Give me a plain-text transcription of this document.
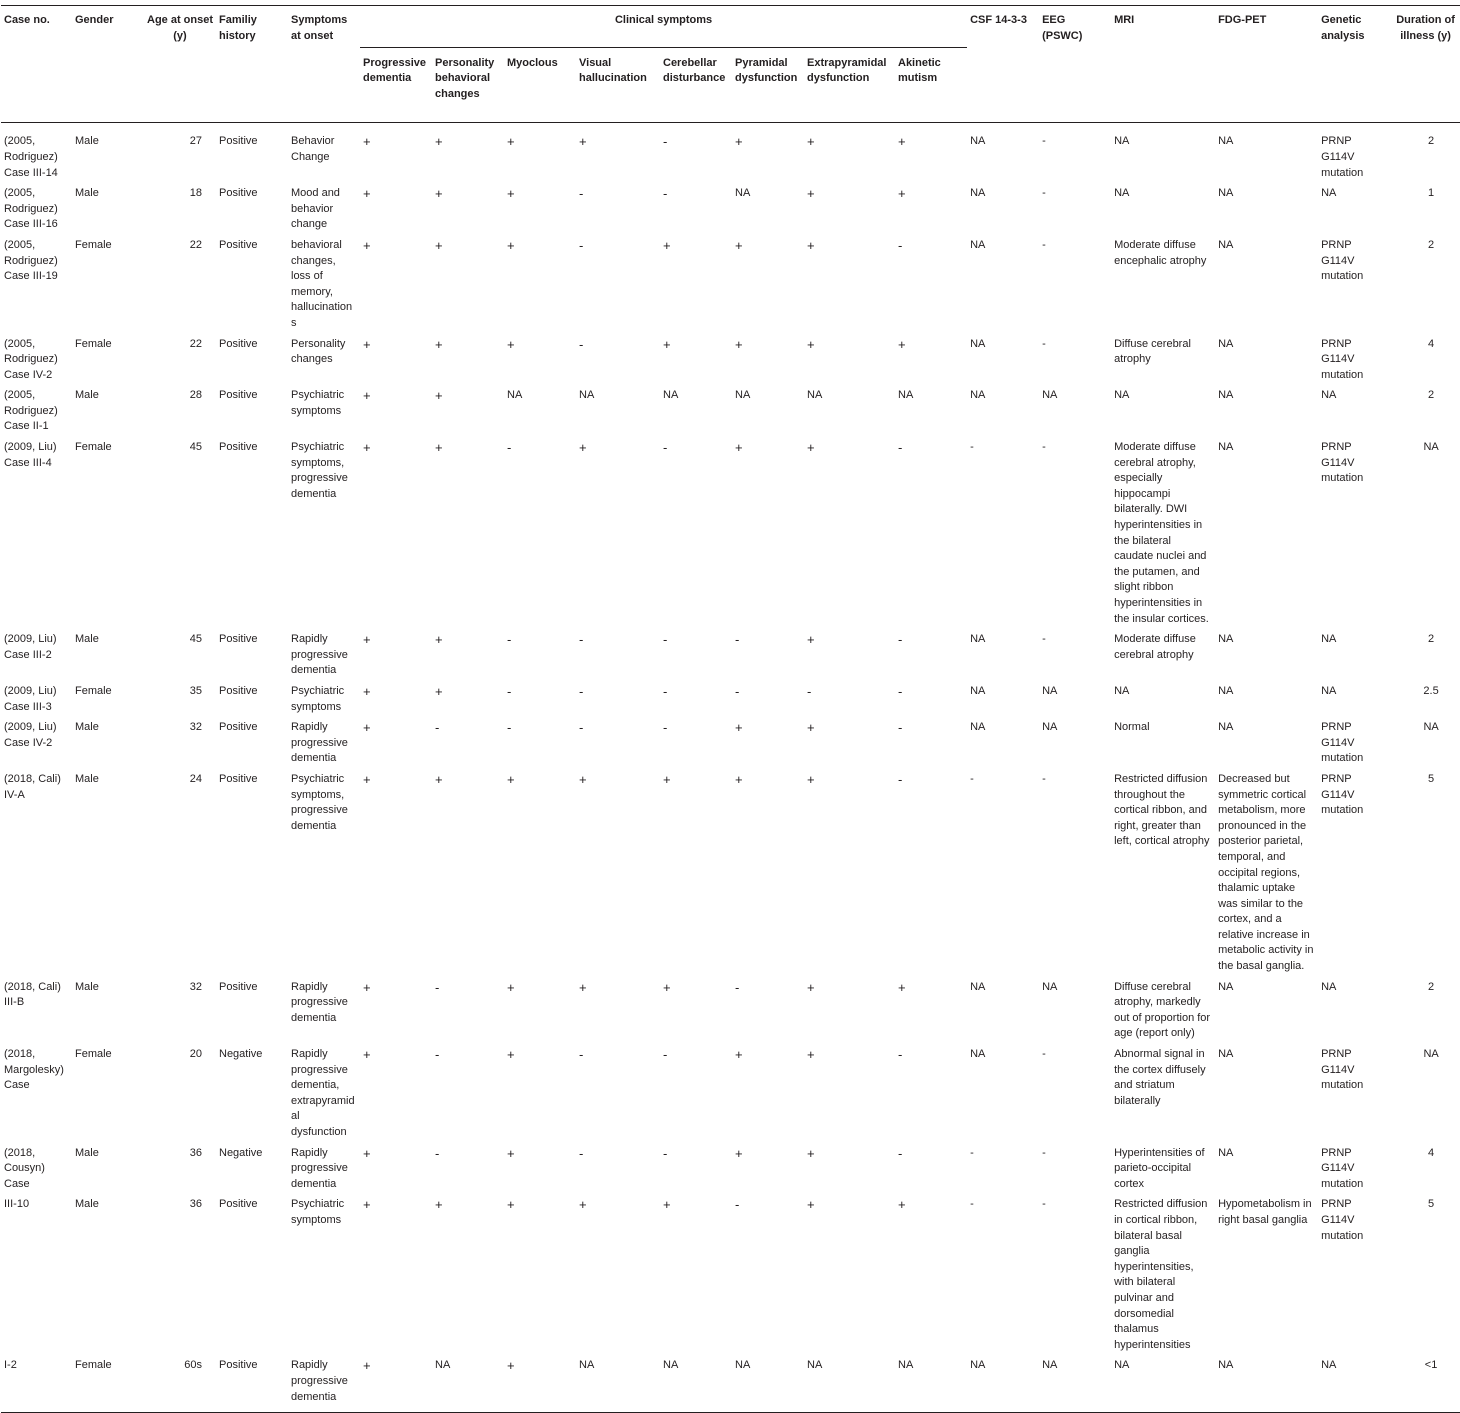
Case no.	Gender	Age at onset (y)	Familiy history	Symptoms at onset	Clinical symptoms								CSF 14-3-3	EEG (PSWC)	MRI	FDG-PET	Genetic analysis	Duration of illness (y)
					Progressive dementia	Personality behavioral changes	Myoclous	Visual hallucination	Cerebellar disturbance	Pyramidal dysfunction	Extrapyramidal dysfunction	Akinetic mutism						
(2005, Rodriguez) Case III-14	Male	27	Positive	Behavior Change	+	+	+	+	-	+	+	+	NA	-	NA	NA	PRNP G114V mutation	2
(2005, Rodriguez) Case III-16	Male	18	Positive	Mood and behavior change	+	+	+	-	-	NA	+	+	NA	-	NA	NA	NA	1
(2005, Rodriguez) Case III-19	Female	22	Positive	behavioral changes, loss of memory, hallucinations	+	+	+	-	+	+	+	-	NA	-	Moderate diffuse encephalic atrophy	NA	PRNP G114V mutation	2
(2005, Rodriguez) Case IV-2	Female	22	Positive	Personality changes	+	+	+	-	+	+	+	+	NA	-	Diffuse cerebral atrophy	NA	PRNP G114V mutation	4
(2005, Rodriguez) Case II-1	Male	28	Positive	Psychiatric symptoms	+	+	NA	NA	NA	NA	NA	NA	NA	NA	NA	NA	NA	2
(2009, Liu) Case III-4	Female	45	Positive	Psychiatric symptoms, progressive dementia	+	+	-	+	-	+	+	-	-	-	Moderate diffuse cerebral atrophy, especially hippocampi bilaterally. DWI hyperintensities in the bilateral caudate nuclei and the putamen, and slight ribbon hyperintensities in the insular cortices.	NA	PRNP G114V mutation	NA
(2009, Liu) Case III-2	Male	45	Positive	Rapidly progressive dementia	+	+	-	-	-	-	+	-	NA	-	Moderate diffuse cerebral atrophy	NA	NA	2
(2009, Liu) Case III-3	Female	35	Positive	Psychiatric symptoms	+	+	-	-	-	-	-	-	NA	NA	NA	NA	NA	2.5
(2009, Liu) Case IV-2	Male	32	Positive	Rapidly progressive dementia	+	-	-	-	-	+	+	-	NA	NA	Normal	NA	PRNP G114V mutation	NA
(2018, Cali) IV-A	Male	24	Positive	Psychiatric symptoms, progressive dementia	+	+	+	+	+	+	+	-	-	-	Restricted diffusion throughout the cortical ribbon, and right, greater than left, cortical atrophy	Decreased but symmetric cortical metabolism, more pronounced in the posterior parietal, temporal, and occipital regions, thalamic uptake was similar to the cortex, and a relative increase in metabolic activity in the basal ganglia.	PRNP G114V mutation	5
(2018, Cali) III-B	Male	32	Positive	Rapidly progressive dementia	+	-	+	+	+	-	+	+	NA	NA	Diffuse cerebral atrophy, markedly out of proportion for age (report only)	NA	NA	2
(2018, Margolesky) Case	Female	20	Negative	Rapidly progressive dementia, extrapyramidal dysfunction	+	-	+	-	-	+	+	-	NA	-	Abnormal signal in the cortex diffusely and striatum bilaterally	NA	PRNP G114V mutation	NA
(2018, Cousyn) Case	Male	36	Negative	Rapidly progressive dementia	+	-	+	-	-	+	+	-	-	-	Hyperintensities of parieto-occipital cortex	NA	PRNP G114V mutation	4
III-10	Male	36	Positive	Psychiatric symptoms	+	+	+	+	+	-	+	+	-	-	Restricted diffusion in cortical ribbon, bilateral basal ganglia hyperintensities, with bilateral pulvinar and dorsomedial thalamus hyperintensities	Hypometabolism in right basal ganglia	PRNP G114V mutation	5
I-2	Female	60s	Positive	Rapidly progressive dementia	+	NA	+	NA	NA	NA	NA	NA	NA	NA	NA	NA	NA	<1
